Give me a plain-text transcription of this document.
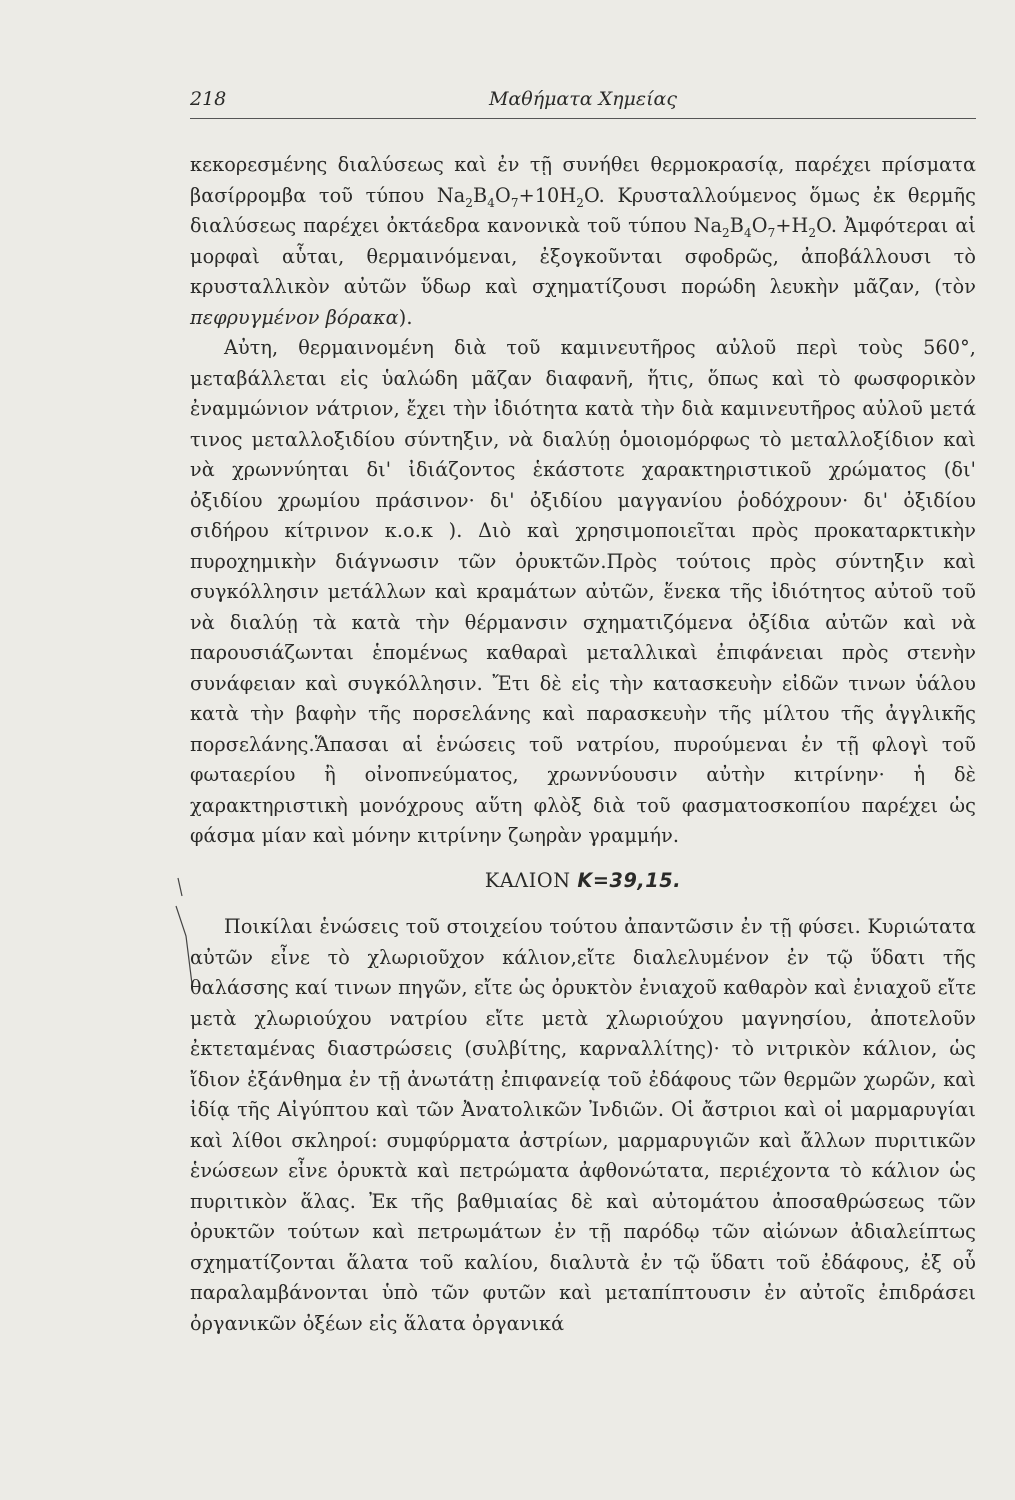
218	Μαθήματα Χημείας

κεκορεσμένης διαλύσεως καὶ ἐν τῇ συνήθει θερμοκρασίᾳ, παρέχει πρίσματα βασίρρομβα τοῦ τύπου $Na_2B_4O_7+10H_2O$. Κρυσταλλούμενος ὅμως ἐκ θερμῆς διαλύσεως παρέχει ὀκτάεδρα κανονικὰ τοῦ τύπου $Na_2B_4O_7+H_2O$. Ἀμφότεραι αἱ μορφαὶ αὗται, θερμαινόμεναι, ἐξογκοῦνται σφοδρῶς, ἀποβάλλουσι τὸ κρυσταλλικὸν αὐτῶν ὕδωρ καὶ σχηματίζουσι πορώδη λευκὴν μᾶζαν, (τὸν πεφρυγμένον βόρακα).

Αὐτη, θερμαινομένη διὰ τοῦ καμινευτῆρος αὐλοῦ περὶ τοὺς 560°, μεταβάλλεται εἰς ὑαλώδη μᾶζαν διαφανῆ, ἥτις, ὅπως καὶ τὸ φωσφορικὸν ἐναμμώνιον νάτριον, ἔχει τὴν ἰδιότητα κατὰ τὴν διὰ καμινευτῆρος αὐλοῦ μετά τινος μεταλλοξιδίου σύντηξιν, νὰ διαλύῃ ὁμοιομόρφως τὸ μεταλλοξίδιον καὶ νὰ χρωννύηται δι' ἰδιάζοντος ἑκάστοτε χαρακτηριστικοῦ χρώματος (δι' ὀξιδίου χρωμίου πράσινον· δι' ὀξιδίου μαγγανίου ῥοδόχρουν· δι' ὀξιδίου σιδήρου κίτρινον κ.ο.κ ). Διὸ καὶ χρησιμοποιεῖται πρὸς προκαταρκτικὴν πυροχημικὴν διάγνωσιν τῶν ὀρυκτῶν.Πρὸς τούτοις πρὸς σύντηξιν καὶ συγκόλλησιν μετάλλων καὶ κραμάτων αὐτῶν, ἕνεκα τῆς ἰδιότητος αὐτοῦ τοῦ νὰ διαλύῃ τὰ κατὰ τὴν θέρμανσιν σχηματιζόμενα ὀξίδια αὐτῶν καὶ νὰ παρουσιάζωνται ἑπομένως καθαραὶ μεταλλικαὶ ἐπιφάνειαι πρὸς στενὴν συνάφειαν καὶ συγκόλλησιν. Ἔτι δὲ εἰς τὴν κατασκευὴν εἰδῶν τινων ὑάλου κατὰ τὴν βαφὴν τῆς πορσελάνης καὶ παρασκευὴν τῆς μίλτου τῆς ἀγγλικῆς πορσελάνης.Ἅπασαι αἱ ἑνώσεις τοῦ νατρίου, πυρούμεναι ἐν τῇ φλογὶ τοῦ φωταερίου ἢ οἰνοπνεύματος, χρωννύουσιν αὐτὴν κιτρίνην· ἡ δὲ χαρακτηριστικὴ μονόχρους αὕτη φλὸξ διὰ τοῦ φασματοσκοπίου παρέχει ὡς φάσμα μίαν καὶ μόνην κιτρίνην ζωηρὰν γραμμήν.

ΚΑΛΙΟΝ K=39,15.

Ποικίλαι ἑνώσεις τοῦ στοιχείου τούτου ἀπαντῶσιν ἐν τῇ φύσει. Κυριώτατα αὐτῶν εἶνε τὸ χλωριοῦχον κάλιον,εἴτε διαλελυμένον ἐν τῷ ὕδατι τῆς θαλάσσης καί τινων πηγῶν, εἴτε ὡς ὀρυκτὸν ἐνιαχοῦ καθαρὸν καὶ ἐνιαχοῦ εἴτε μετὰ χλωριούχου νατρίου εἴτε μετὰ χλωριούχου μαγνησίου, ἀποτελοῦν ἐκτεταμένας διαστρώσεις (συλβίτης, καρναλλίτης)· τὸ νιτρικὸν κάλιον, ὡς ἴδιον ἐξάνθημα ἐν τῇ ἀνωτάτῃ ἐπιφανείᾳ τοῦ ἐδάφους τῶν θερμῶν χωρῶν, καὶ ἰδίᾳ τῆς Αἰγύπτου καὶ τῶν Ἀνατολικῶν Ἰνδιῶν. Οἱ ἄστριοι καὶ οἱ μαρμαρυγίαι καὶ λίθοι σκληροί: συμφύρματα ἀστρίων, μαρμαρυγιῶν καὶ ἄλλων πυριτικῶν ἑνώσεων εἶνε ὀρυκτὰ καὶ πετρώματα ἀφθονώτατα, περιέχοντα τὸ κάλιον ὡς πυριτικὸν ἅλας. Ἐκ τῆς βαθμιαίας δὲ καὶ αὐτομάτου ἀποσαθρώσεως τῶν ὀρυκτῶν τούτων καὶ πετρωμάτων ἐν τῇ παρόδῳ τῶν αἰώνων ἀδιαλείπτως σχηματίζονται ἅλατα τοῦ καλίου, διαλυτὰ ἐν τῷ ὕδατι τοῦ ἐδάφους, ἐξ οὗ παραλαμβάνονται ὑπὸ τῶν φυτῶν καὶ μεταπίπτουσιν ἐν αὐτοῖς ἐπιδράσει ὀργανικῶν ὀξέων εἰς ἅλατα ὀργανικά
